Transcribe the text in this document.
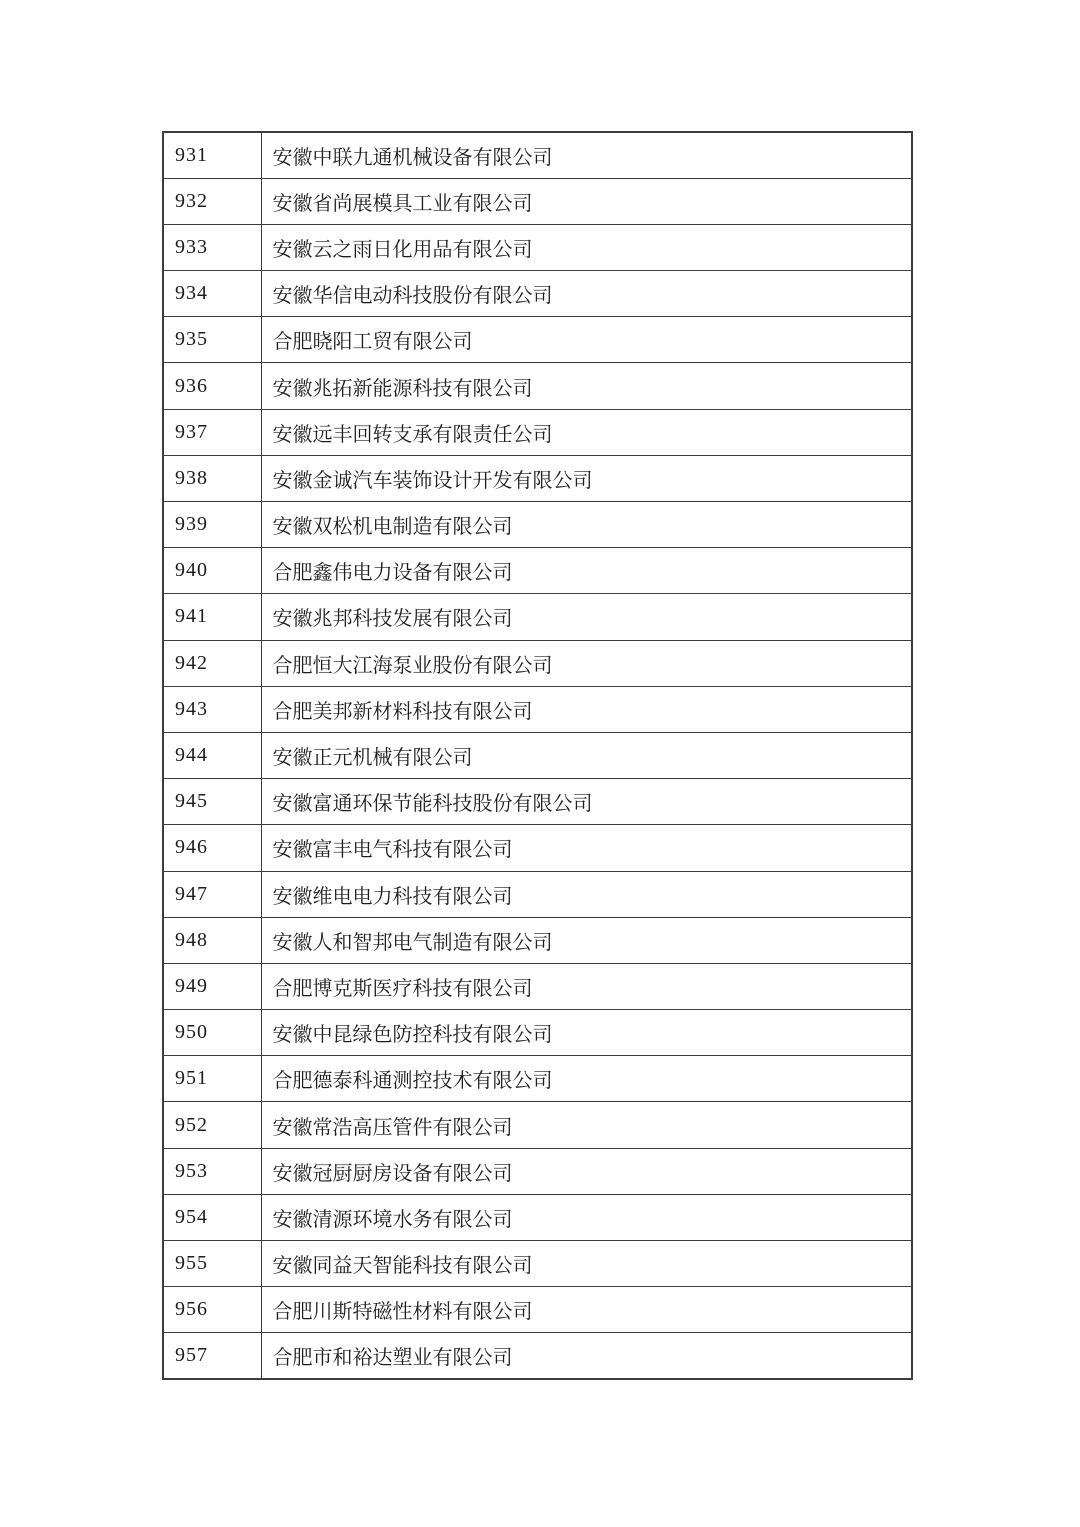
931	安徽中联九通机械设备有限公司
932	安徽省尚展模具工业有限公司
933	安徽云之雨日化用品有限公司
934	安徽华信电动科技股份有限公司
935	合肥晓阳工贸有限公司
936	安徽兆拓新能源科技有限公司
937	安徽远丰回转支承有限责任公司
938	安徽金诚汽车装饰设计开发有限公司
939	安徽双松机电制造有限公司
940	合肥鑫伟电力设备有限公司
941	安徽兆邦科技发展有限公司
942	合肥恒大江海泵业股份有限公司
943	合肥美邦新材料科技有限公司
944	安徽正元机械有限公司
945	安徽富通环保节能科技股份有限公司
946	安徽富丰电气科技有限公司
947	安徽维电电力科技有限公司
948	安徽人和智邦电气制造有限公司
949	合肥博克斯医疗科技有限公司
950	安徽中昆绿色防控科技有限公司
951	合肥德泰科通测控技术有限公司
952	安徽常浩高压管件有限公司
953	安徽冠厨厨房设备有限公司
954	安徽清源环境水务有限公司
955	安徽同益天智能科技有限公司
956	合肥川斯特磁性材料有限公司
957	合肥市和裕达塑业有限公司
